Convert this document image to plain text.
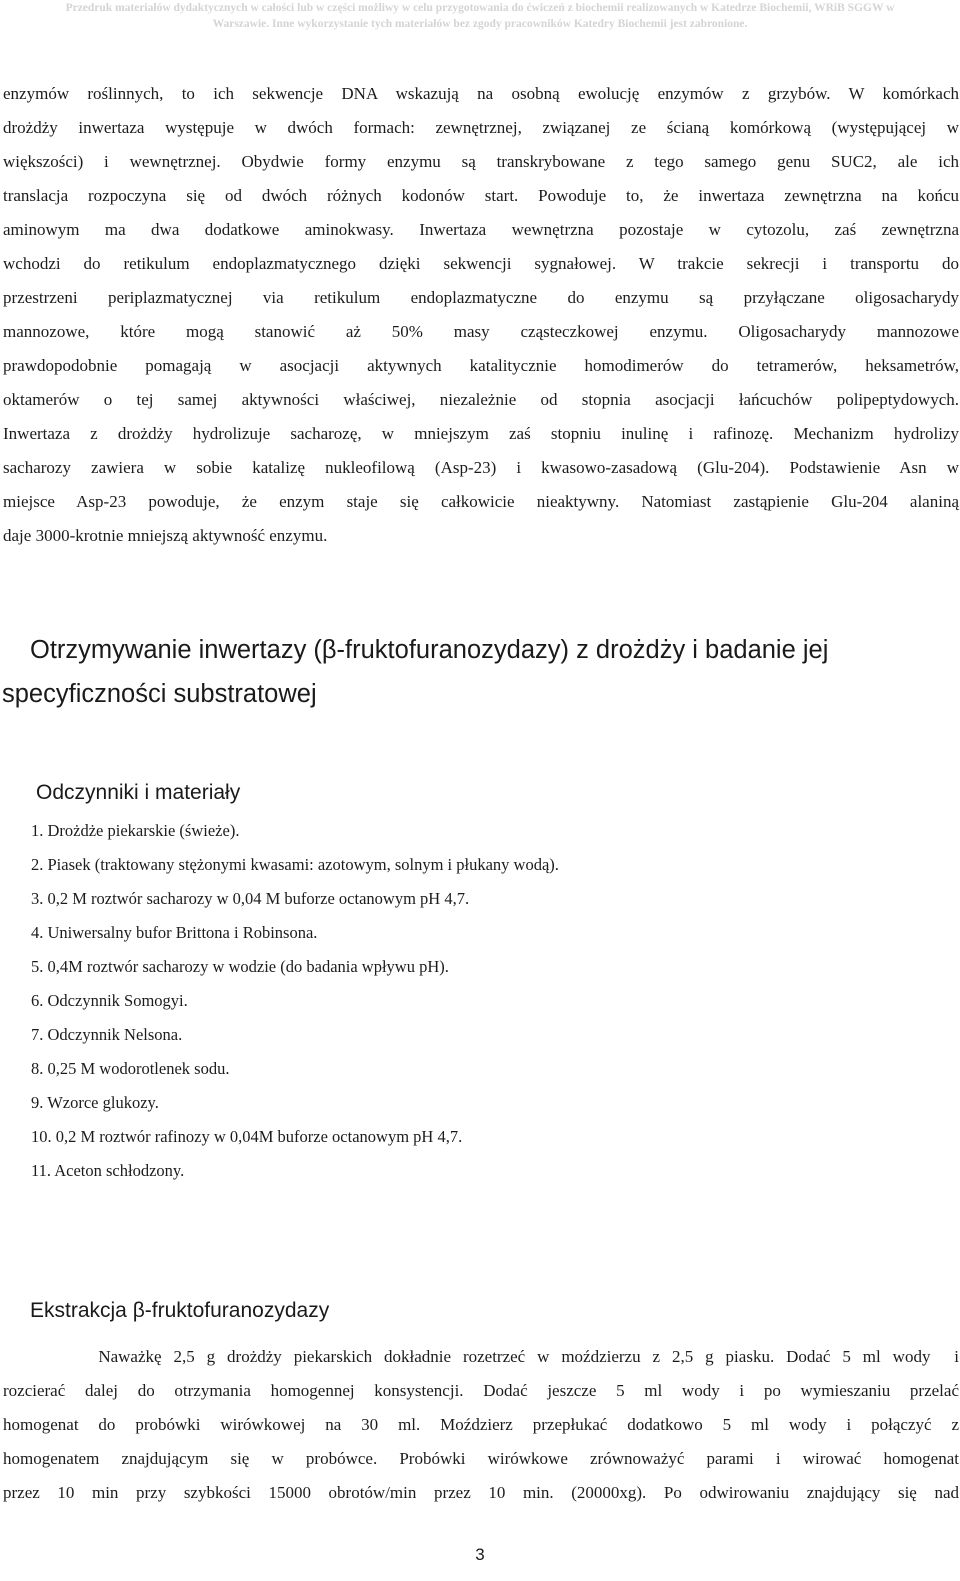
Przedruk materiałów dydaktycznych w całości lub w części możliwy w celu przygotowania do ćwiczeń z biochemii realizowanych w Katedrze Biochemii, WRiB SGGW w
Warszawie. Inne wykorzystanie tych materiałów bez zgody pracowników Katedry Biochemii jest zabronione.

enzymów roślinnych, to ich sekwencje DNA wskazują na osobną ewolucję enzymów z grzybów. W komórkach
drożdży inwertaza występuje w dwóch formach: zewnętrznej, związanej ze ścianą komórkową (występującej w
większości) i wewnętrznej. Obydwie formy enzymu są transkrybowane z tego samego genu SUC2, ale ich
translacja rozpoczyna się od dwóch różnych kodonów start. Powoduje to, że inwertaza zewnętrzna na końcu
aminowym ma dwa dodatkowe aminokwasy. Inwertaza wewnętrzna pozostaje w cytozolu, zaś zewnętrzna
wchodzi do retikulum endoplazmatycznego dzięki sekwencji sygnałowej. W trakcie sekrecji i transportu do
przestrzeni periplazmatycznej via retikulum endoplazmatyczne do enzymu są przyłączane oligosacharydy
mannozowe, które mogą stanowić aż 50% masy cząsteczkowej enzymu. Oligosacharydy mannozowe
prawdopodobnie pomagają w asocjacji aktywnych katalitycznie homodimerów do tetramerów, heksametrów,
oktamerów o tej samej aktywności właściwej, niezależnie od stopnia asocjacji łańcuchów polipeptydowych.
Inwertaza z drożdży hydrolizuje sacharozę, w mniejszym zaś stopniu inulinę i rafinozę. Mechanizm hydrolizy
sacharozy zawiera w sobie katalizę nukleofilową (Asp-23) i kwasowo-zasadową (Glu-204). Podstawienie Asn w
miejsce Asp-23 powoduje, że enzym staje się całkowicie nieaktywny. Natomiast zastąpienie Glu-204 alaniną
daje 3000-krotnie mniejszą aktywność enzymu.

Otrzymywanie inwertazy (β-fruktofuranozydazy) z drożdży i badanie jej
specyficzności substratowej
Odczynniki i materiały
1. Drożdże piekarskie (świeże).
2. Piasek (traktowany stężonymi kwasami: azotowym, solnym i płukany wodą).
3. 0,2 M roztwór sacharozy w 0,04 M buforze octanowym pH 4,7.
4. Uniwersalny bufor Brittona i Robinsona.
5. 0,4M roztwór sacharozy w wodzie (do badania wpływu pH).
6. Odczynnik Somogyi.
7. Odczynnik Nelsona.
8. 0,25 M wodorotlenek sodu.
9. Wzorce glukozy.
10. 0,2 M roztwór rafinozy w 0,04M buforze octanowym pH 4,7.
11. Aceton schłodzony.
Ekstrakcja β-fruktofuranozydazy

Naważkę 2,5 g drożdży piekarskich dokładnie rozetrzeć w moździerzu z 2,5 g piasku. Dodać 5 ml wody  i
rozcierać dalej do otrzymania homogennej konsystencji. Dodać jeszcze 5 ml wody i po wymieszaniu przelać
homogenat do probówki wirówkowej na 30 ml. Moździerz przepłukać dodatkowo 5 ml wody i połączyć z
homogenatem znajdującym się w probówce. Probówki wirówkowe zrównoważyć parami i wirować homogenat
przez 10 min przy szybkości 15000 obrotów/min przez 10 min. (20000xg). Po odwirowaniu znajdujący się nad

3
